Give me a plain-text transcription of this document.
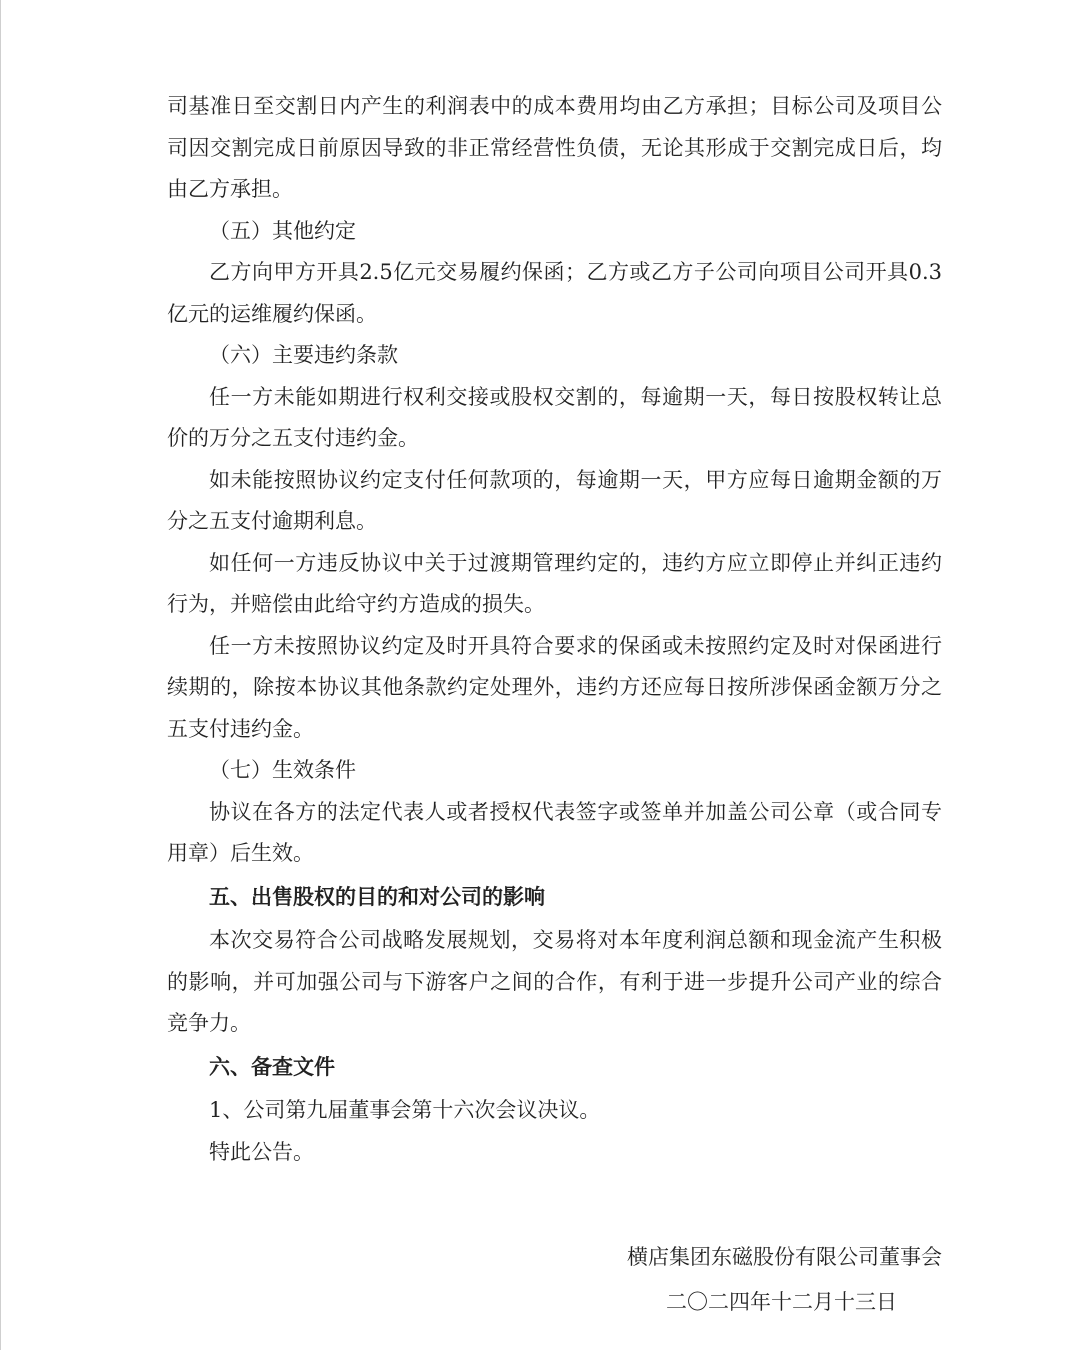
司基准日至交割日内产生的利润表中的成本费用均由乙方承担；目标公司及项目公司因交割完成日前原因导致的非正常经营性负债，无论其形成于交割完成日后，均由乙方承担。

（五）其他约定

乙方向甲方开具2.5亿元交易履约保函；乙方或乙方子公司向项目公司开具0.3亿元的运维履约保函。

（六）主要违约条款

任一方未能如期进行权利交接或股权交割的，每逾期一天，每日按股权转让总价的万分之五支付违约金。

如未能按照协议约定支付任何款项的，每逾期一天，甲方应每日逾期金额的万分之五支付逾期利息。

如任何一方违反协议中关于过渡期管理约定的，违约方应立即停止并纠正违约行为，并赔偿由此给守约方造成的损失。

任一方未按照协议约定及时开具符合要求的保函或未按照约定及时对保函进行续期的，除按本协议其他条款约定处理外，违约方还应每日按所涉保函金额万分之五支付违约金。

（七）生效条件

协议在各方的法定代表人或者授权代表签字或签单并加盖公司公章（或合同专用章）后生效。

五、出售股权的目的和对公司的影响

本次交易符合公司战略发展规划，交易将对本年度利润总额和现金流产生积极的影响，并可加强公司与下游客户之间的合作，有利于进一步提升公司产业的综合竞争力。

六、备查文件

1、公司第九届董事会第十六次会议决议。

特此公告。

横店集团东磁股份有限公司董事会
二〇二四年十二月十三日
